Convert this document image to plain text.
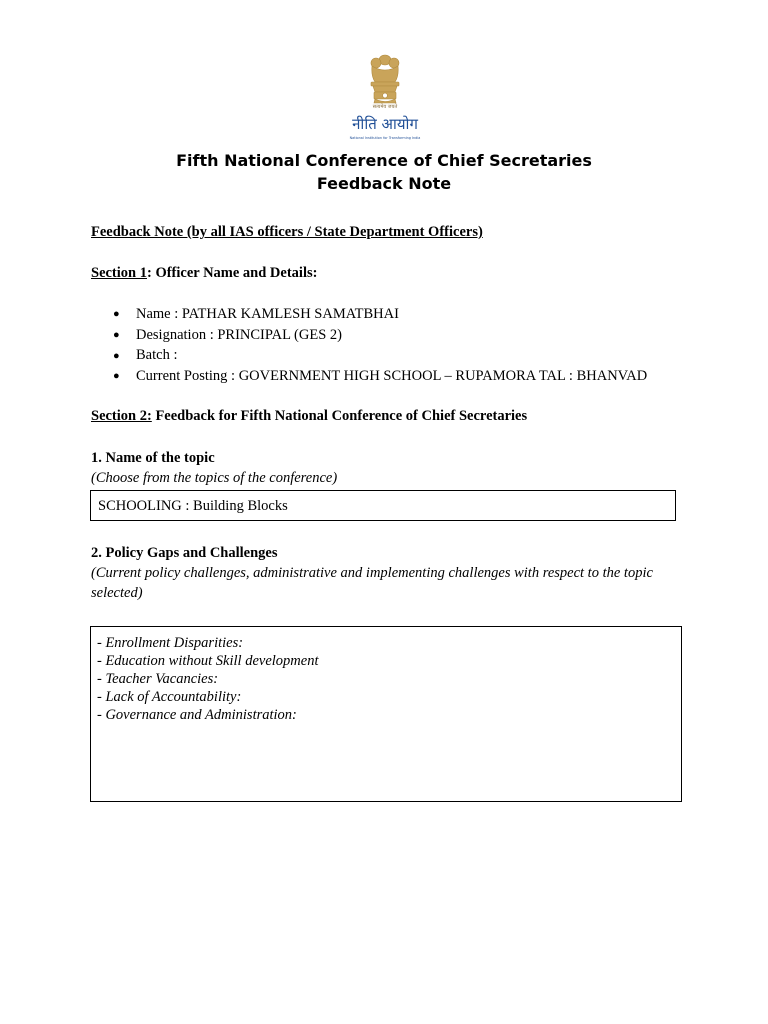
सत्यमेव जयते
नीति आयोग
National Institution for Transforming India
Fifth National Conference of Chief Secretaries
Feedback Note
Feedback Note (by all IAS officers / State Department Officers)
Section 1: Officer Name and Details:
● Name : PATHAR KAMLESH SAMATBHAI
● Designation : PRINCIPAL (GES 2)
● Batch :
● Current Posting : GOVERNMENT HIGH SCHOOL – RUPAMORA TAL : BHANVAD
Section 2: Feedback for Fifth National Conference of Chief Secretaries
1. Name of the topic
(Choose from the topics of the conference)
SCHOOLING : Building Blocks
2. Policy Gaps and Challenges
(Current policy challenges, administrative and implementing challenges with respect to the topic
selected)
- Enrollment Disparities:
- Education without Skill development
- Teacher Vacancies:
- Lack of Accountability:
- Governance and Administration:
